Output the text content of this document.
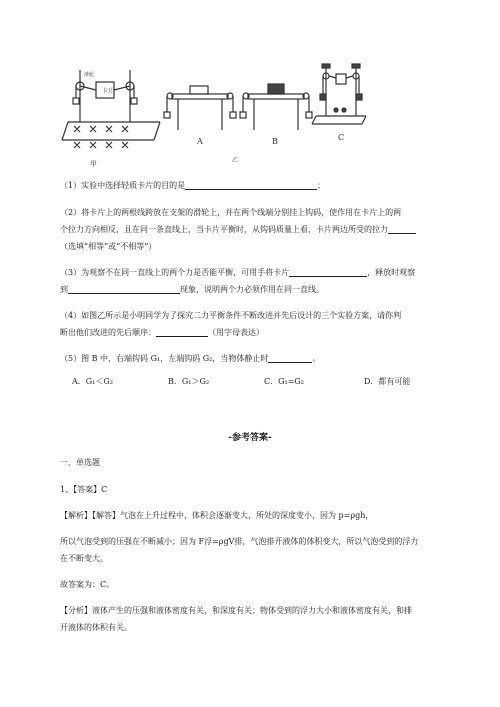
卡片
滑轮
甲
A	B	C
乙
（1）实验中选择轻质卡片的目的是	；
（2）将卡片上的两根线跨放在支架的滑轮上，并在两个线端分别挂上钩码，使作用在卡片上的两
个拉力方向相反，且在同一条直线上，当卡片平衡时，从钩码质量上看，卡片两边所受的拉力
（选填“相等”或“不相等”）
（3）为观察不在同一直线上的两个力是否能平衡，可用手将卡片	，释放时观察
到	现象，说明两个力必须作用在同一直线。
（4）如图乙所示是小明同学为了探究二力平衡条件不断改进并先后设计的三个实验方案，请你判
断出他们改进的先后顺序：	（用字母表达）
（5）图 B 中，右端钩码 G₁，左端钩码 G₂，当物体静止时	。
A．G₁＜G₂	B．G₁＞G₂	C．G₁=G₂	D．都有可能
-参考答案-
一、单选题
1、【答案】C
【解析】【解答】气泡在上升过程中，体积会逐渐变大，所处的深度变小，因为 p=ρgh，
所以气泡受到的压强在不断减小；因为 F浮=ρgV排，气泡排开液体的体积变大，所以气泡受到的浮力
在不断变大。
故答案为：C。
【分析】液体产生的压强和液体密度有关，和深度有关；物体受到的浮力大小和液体密度有关，和排
开液体的体积有关。
